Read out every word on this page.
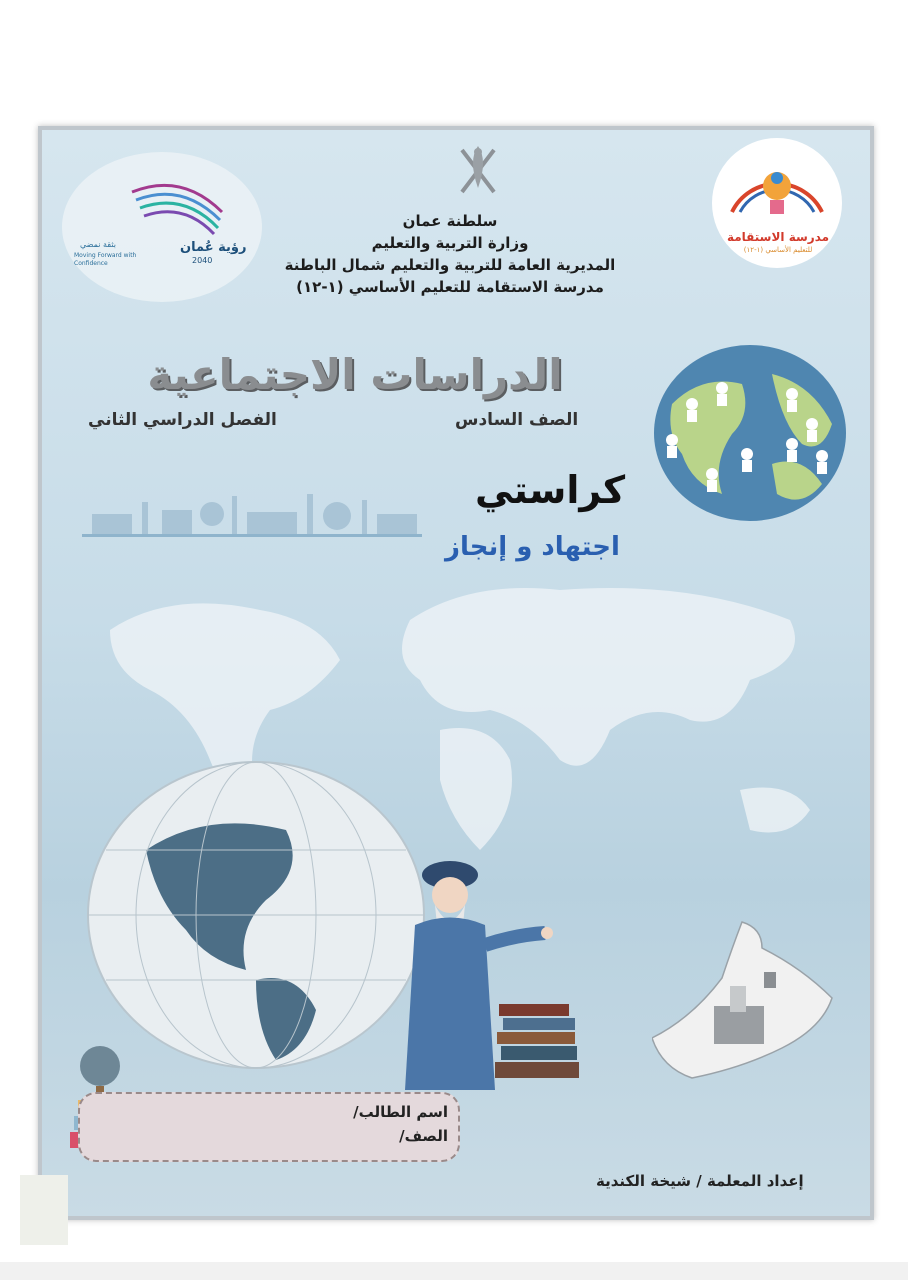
رؤية عُمان
2040
بثقة نمضي
Moving Forward with Confidence
مدرسة الاستقامة
للتعليم الأساسي (١-١٢)
سلطنة عمان
وزارة التربية والتعليم
المديرية العامة للتربية والتعليم شمال الباطنة
مدرسة الاستقامة للتعليم الأساسي (١-١٢)
الدراسات الاجتماعية
الصف السادس
الفصل الدراسي الثاني
كراستي
اجتهاد و إنجاز
اسم الطالب/
الصف/
إعداد المعلمة / شيخة الكندية
